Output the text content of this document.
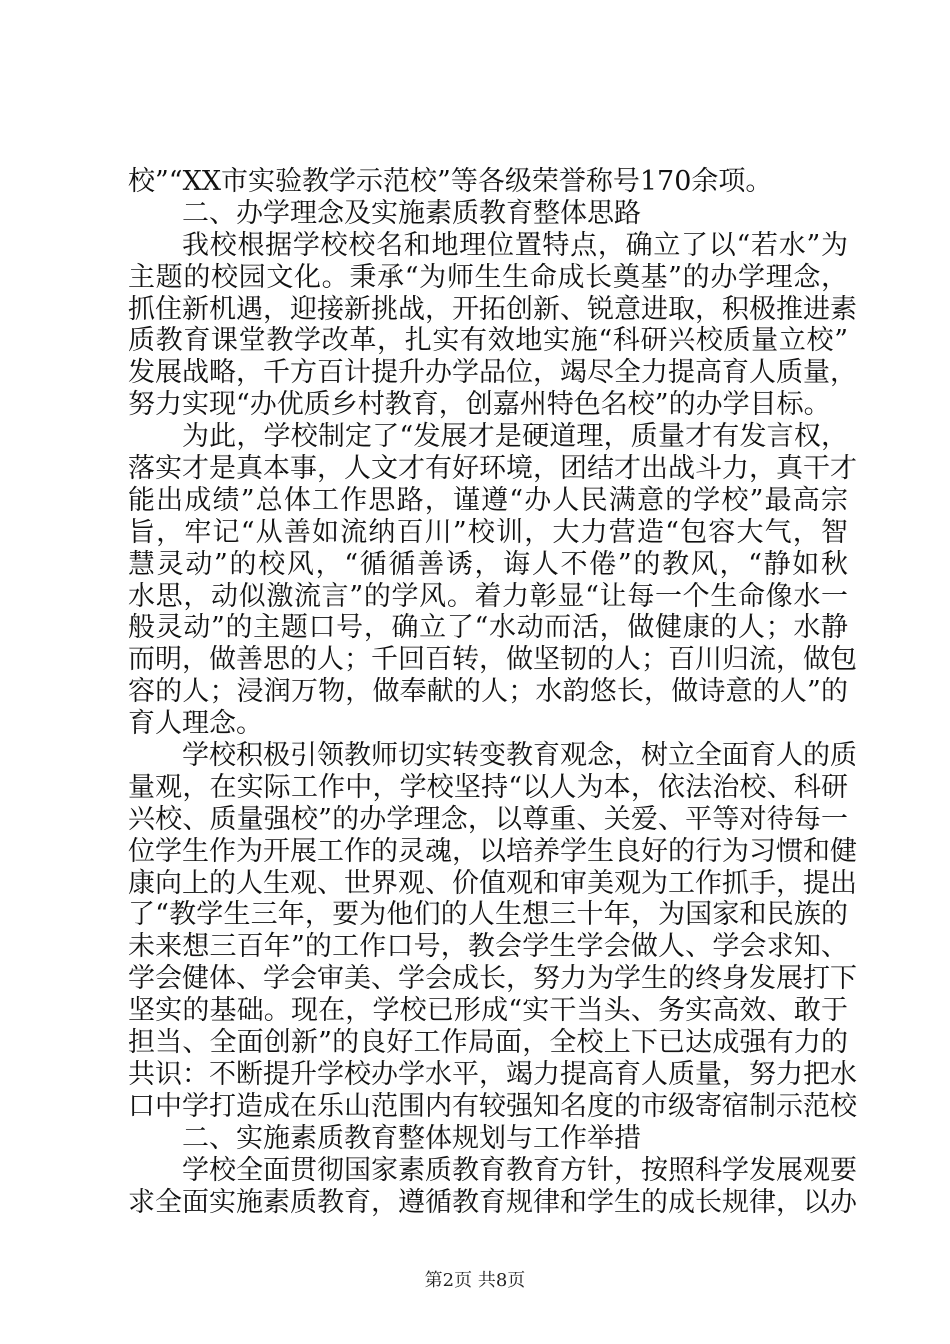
校”“XX市实验教学示范校”等各级荣誉称号170余项。
二、办学理念及实施素质教育整体思路
我校根据学校校名和地理位置特点，确立了以“若水”为
主题的校园文化。秉承“为师生生命成长奠基”的办学理念，
抓住新机遇，迎接新挑战，开拓创新、锐意进取，积极推进素
质教育课堂教学改革，扎实有效地实施“科研兴校质量立校”
发展战略，千方百计提升办学品位，竭尽全力提高育人质量，
努力实现“办优质乡村教育，创嘉州特色名校”的办学目标。
为此，学校制定了“发展才是硬道理，质量才有发言权，
落实才是真本事，人文才有好环境，团结才出战斗力，真干才
能出成绩”总体工作思路，谨遵“办人民满意的学校”最高宗
旨，牢记“从善如流纳百川”校训，大力营造“包容大气，智
慧灵动”的校风，“循循善诱，诲人不倦”的教风，“静如秋
水思，动似激流言”的学风。着力彰显“让每一个生命像水一
般灵动”的主题口号，确立了“水动而活，做健康的人；水静
而明，做善思的人；千回百转，做坚韧的人；百川归流，做包
容的人；浸润万物，做奉献的人；水韵悠长，做诗意的人”的
育人理念。
学校积极引领教师切实转变教育观念，树立全面育人的质
量观，在实际工作中，学校坚持“以人为本，依法治校、科研
兴校、质量强校”的办学理念，以尊重、关爱、平等对待每一
位学生作为开展工作的灵魂，以培养学生良好的行为习惯和健
康向上的人生观、世界观、价值观和审美观为工作抓手，提出
了“教学生三年，要为他们的人生想三十年，为国家和民族的
未来想三百年”的工作口号，教会学生学会做人、学会求知、
学会健体、学会审美、学会成长，努力为学生的终身发展打下
坚实的基础。现在，学校已形成“实干当头、务实高效、敢于
担当、全面创新”的良好工作局面，全校上下已达成强有力的
共识：不断提升学校办学水平，竭力提高育人质量，努力把水
口中学打造成在乐山范围内有较强知名度的市级寄宿制示范校
二、实施素质教育整体规划与工作举措
学校全面贯彻国家素质教育教育方针，按照科学发展观要
求全面实施素质教育，遵循教育规律和学生的成长规律，以办
第2页 共8页
